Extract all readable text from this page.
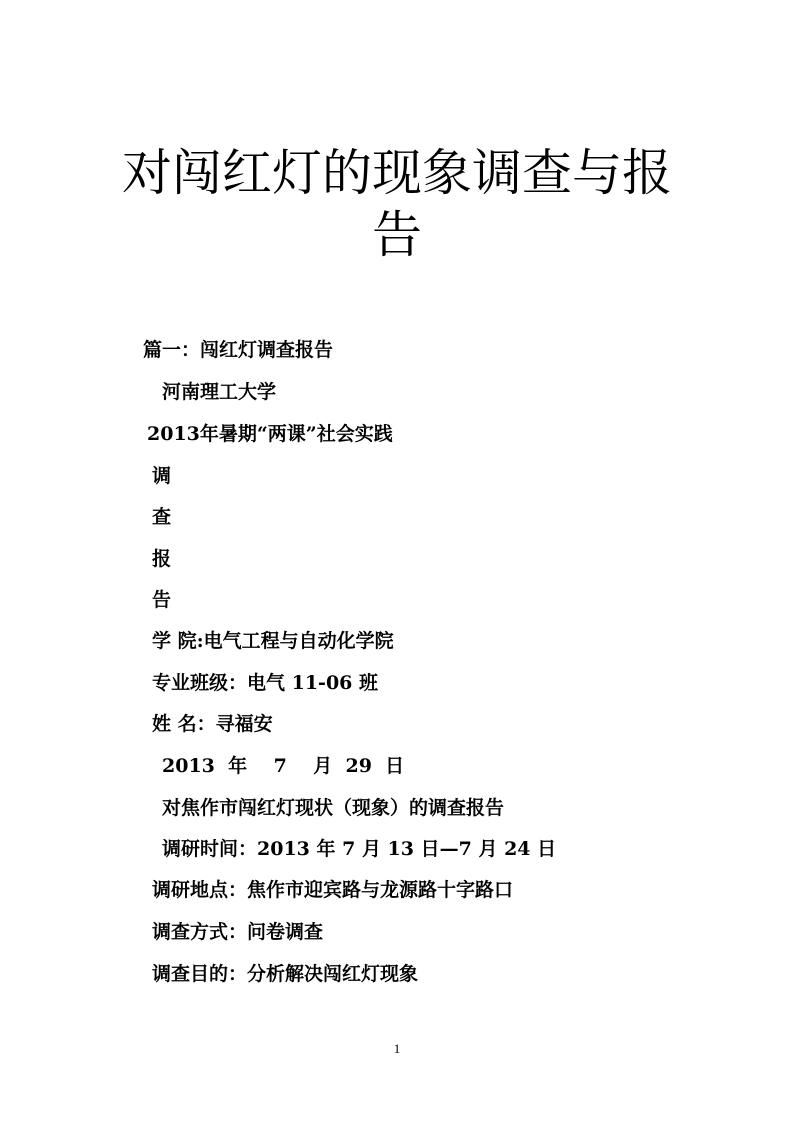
对闯红灯的现象调查与报
告

篇一：闯红灯调查报告

河南理工大学

2013年暑期“两课”社会实践

调

查

报

告

学 院:电气工程与自动化学院

专业班级：电气 11-06 班

姓 名：寻福安

2013  年    7    月  29  日

对焦作市闯红灯现状（现象）的调查报告

调研时间：2013 年 7 月 13 日—7 月 24 日

调研地点：焦作市迎宾路与龙源路十字路口

调查方式：问卷调查

调查目的：分析解决闯红灯现象

1
